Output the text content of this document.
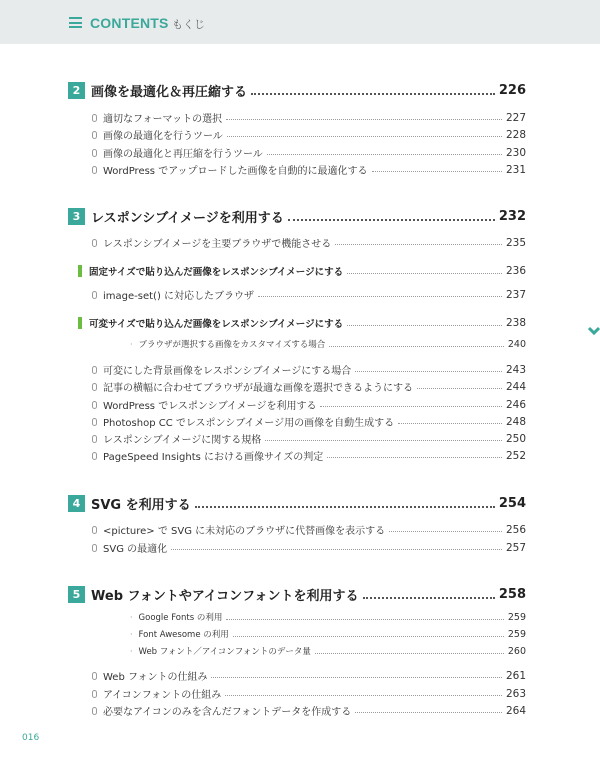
CONTENTS もくじ
2 画像を最適化＆再圧縮する	226
適切なフォーマットの選択	227
画像の最適化を行うツール	228
画像の最適化と再圧縮を行うツール	230
WordPress でアップロードした画像を自動的に最適化する	231
3 レスポンシブイメージを利用する	232
レスポンシブイメージを主要ブラウザで機能させる	235
固定サイズで貼り込んだ画像をレスポンシブイメージにする	236
image-set() に対応したブラウザ	237
可変サイズで貼り込んだ画像をレスポンシブイメージにする	238
· ブラウザが選択する画像をカスタマイズする場合	240
可変にした背景画像をレスポンシブイメージにする場合	243
記事の横幅に合わせてブラウザが最適な画像を選択できるようにする	244
WordPress でレスポンシブイメージを利用する	246
Photoshop CC でレスポンシブイメージ用の画像を自動生成する	248
レスポンシブイメージに関する規格	250
PageSpeed Insights における画像サイズの判定	252
4 SVG を利用する	254
<picture> で SVG に未対応のブラウザに代替画像を表示する	256
SVG の最適化	257
5 Web フォントやアイコンフォントを利用する	258
· Google Fonts の利用	259
· Font Awesome の利用	259
· Web フォント／アイコンフォントのデータ量	260
Web フォントの仕組み	261
アイコンフォントの仕組み	263
必要なアイコンのみを含んだフォントデータを作成する	264
016
